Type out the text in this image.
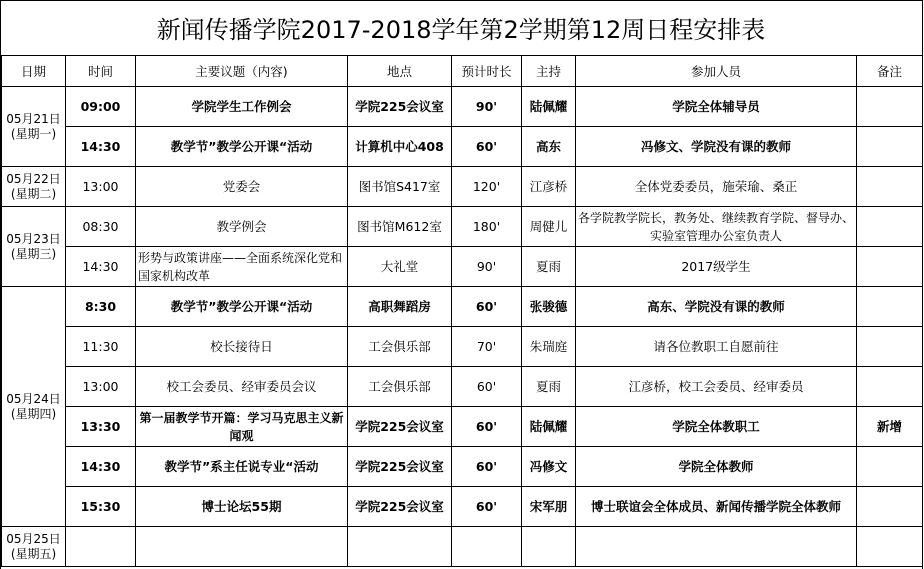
新闻传播学院2017-2018学年第2学期第12周日程安排表
日期	时间	主要议题（内容)	地点	预计时长	主持	参加人员	备注

05月21日
(星期一)	09:00	学院学生工作例会	学院225会议室	90'	陆佩耀	学院全体辅导员	
	14:30	教学节”教学公开课“活动	计算机中心408	60'	高东	冯修文、学院没有课的教师	

05月22日
(星期二)	13:00	党委会	图书馆S417室	120'	江彦桥	全体党委委员，施荣瑜、桑正	

05月23日
(星期三)	08:30	教学例会	图书馆M612室	180'	周健儿	各学院教学院长，教务处、继续教育学院、督导办、实验室管理办公室负责人	
	14:30	形势与政策讲座——全面系统深化党和国家机构改革	大礼堂	90'	夏雨	2017级学生	

05月24日
(星期四)	8:30	教学节”教学公开课“活动	高职舞蹈房	60'	张骏德	高东、学院没有课的教师	
	11:30	校长接待日	工会俱乐部	70'	朱瑞庭	请各位教职工自愿前往	
	13:00	校工会委员、经审委员会议	工会俱乐部	60'	夏雨	江彦桥，校工会委员、经审委员	
	13:30	第一届教学节开篇：学习马克思主义新闻观	学院225会议室	60'	陆佩耀	学院全体教职工	新增
	14:30	教学节”系主任说专业“活动	学院225会议室	60'	冯修文	学院全体教师	
	15:30	博士论坛55期	学院225会议室	60'	宋军朋	博士联谊会全体成员、新闻传播学院全体教师	

05月25日
(星期五)							
